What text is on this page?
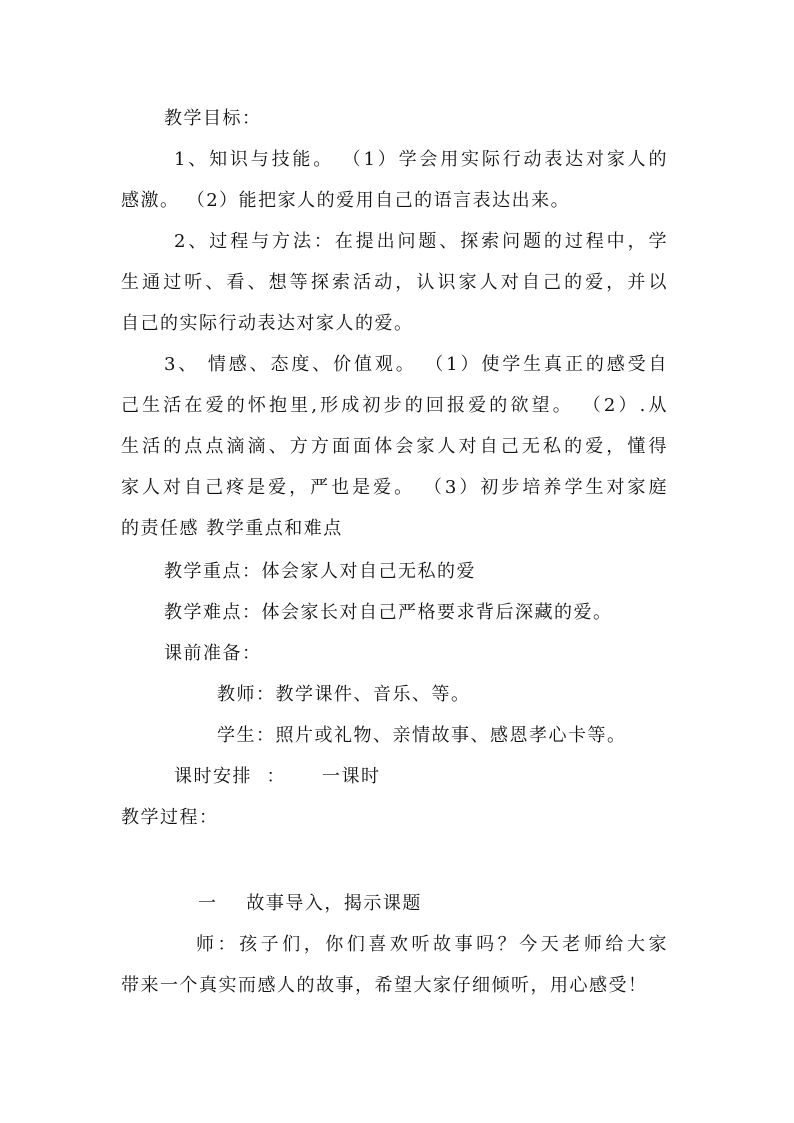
教学目标：
1、知识与技能。 （1）学会用实际行动表达对家人的
感激。 （2）能把家人的爱用自己的语言表达出来。
2、过程与方法：在提出问题、探索问题的过程中，学
生通过听、看、想等探索活动，认识家人对自己的爱，并以
自己的实际行动表达对家人的爱。
3、 情感、态度、价值观。 （1）使学生真正的感受自
己生活在爱的怀抱里,形成初步的回报爱的欲望。 （2）.从
生活的点点滴滴、方方面面体会家人对自己无私的爱，懂得
家人对自己疼是爱，严也是爱。 （3）初步培养学生对家庭
的责任感 教学重点和难点
教学重点：体会家人对自己无私的爱
教学难点：体会家长对自己严格要求背后深藏的爱。
课前准备：
教师：教学课件、音乐、等。
学生：照片或礼物、亲情故事、感恩孝心卡等。
课时安排  ：     一课时
教学过程：
一    故事导入，揭示课题
师：孩子们，你们喜欢听故事吗？今天老师给大家
带来一个真实而感人的故事，希望大家仔细倾听，用心感受！
